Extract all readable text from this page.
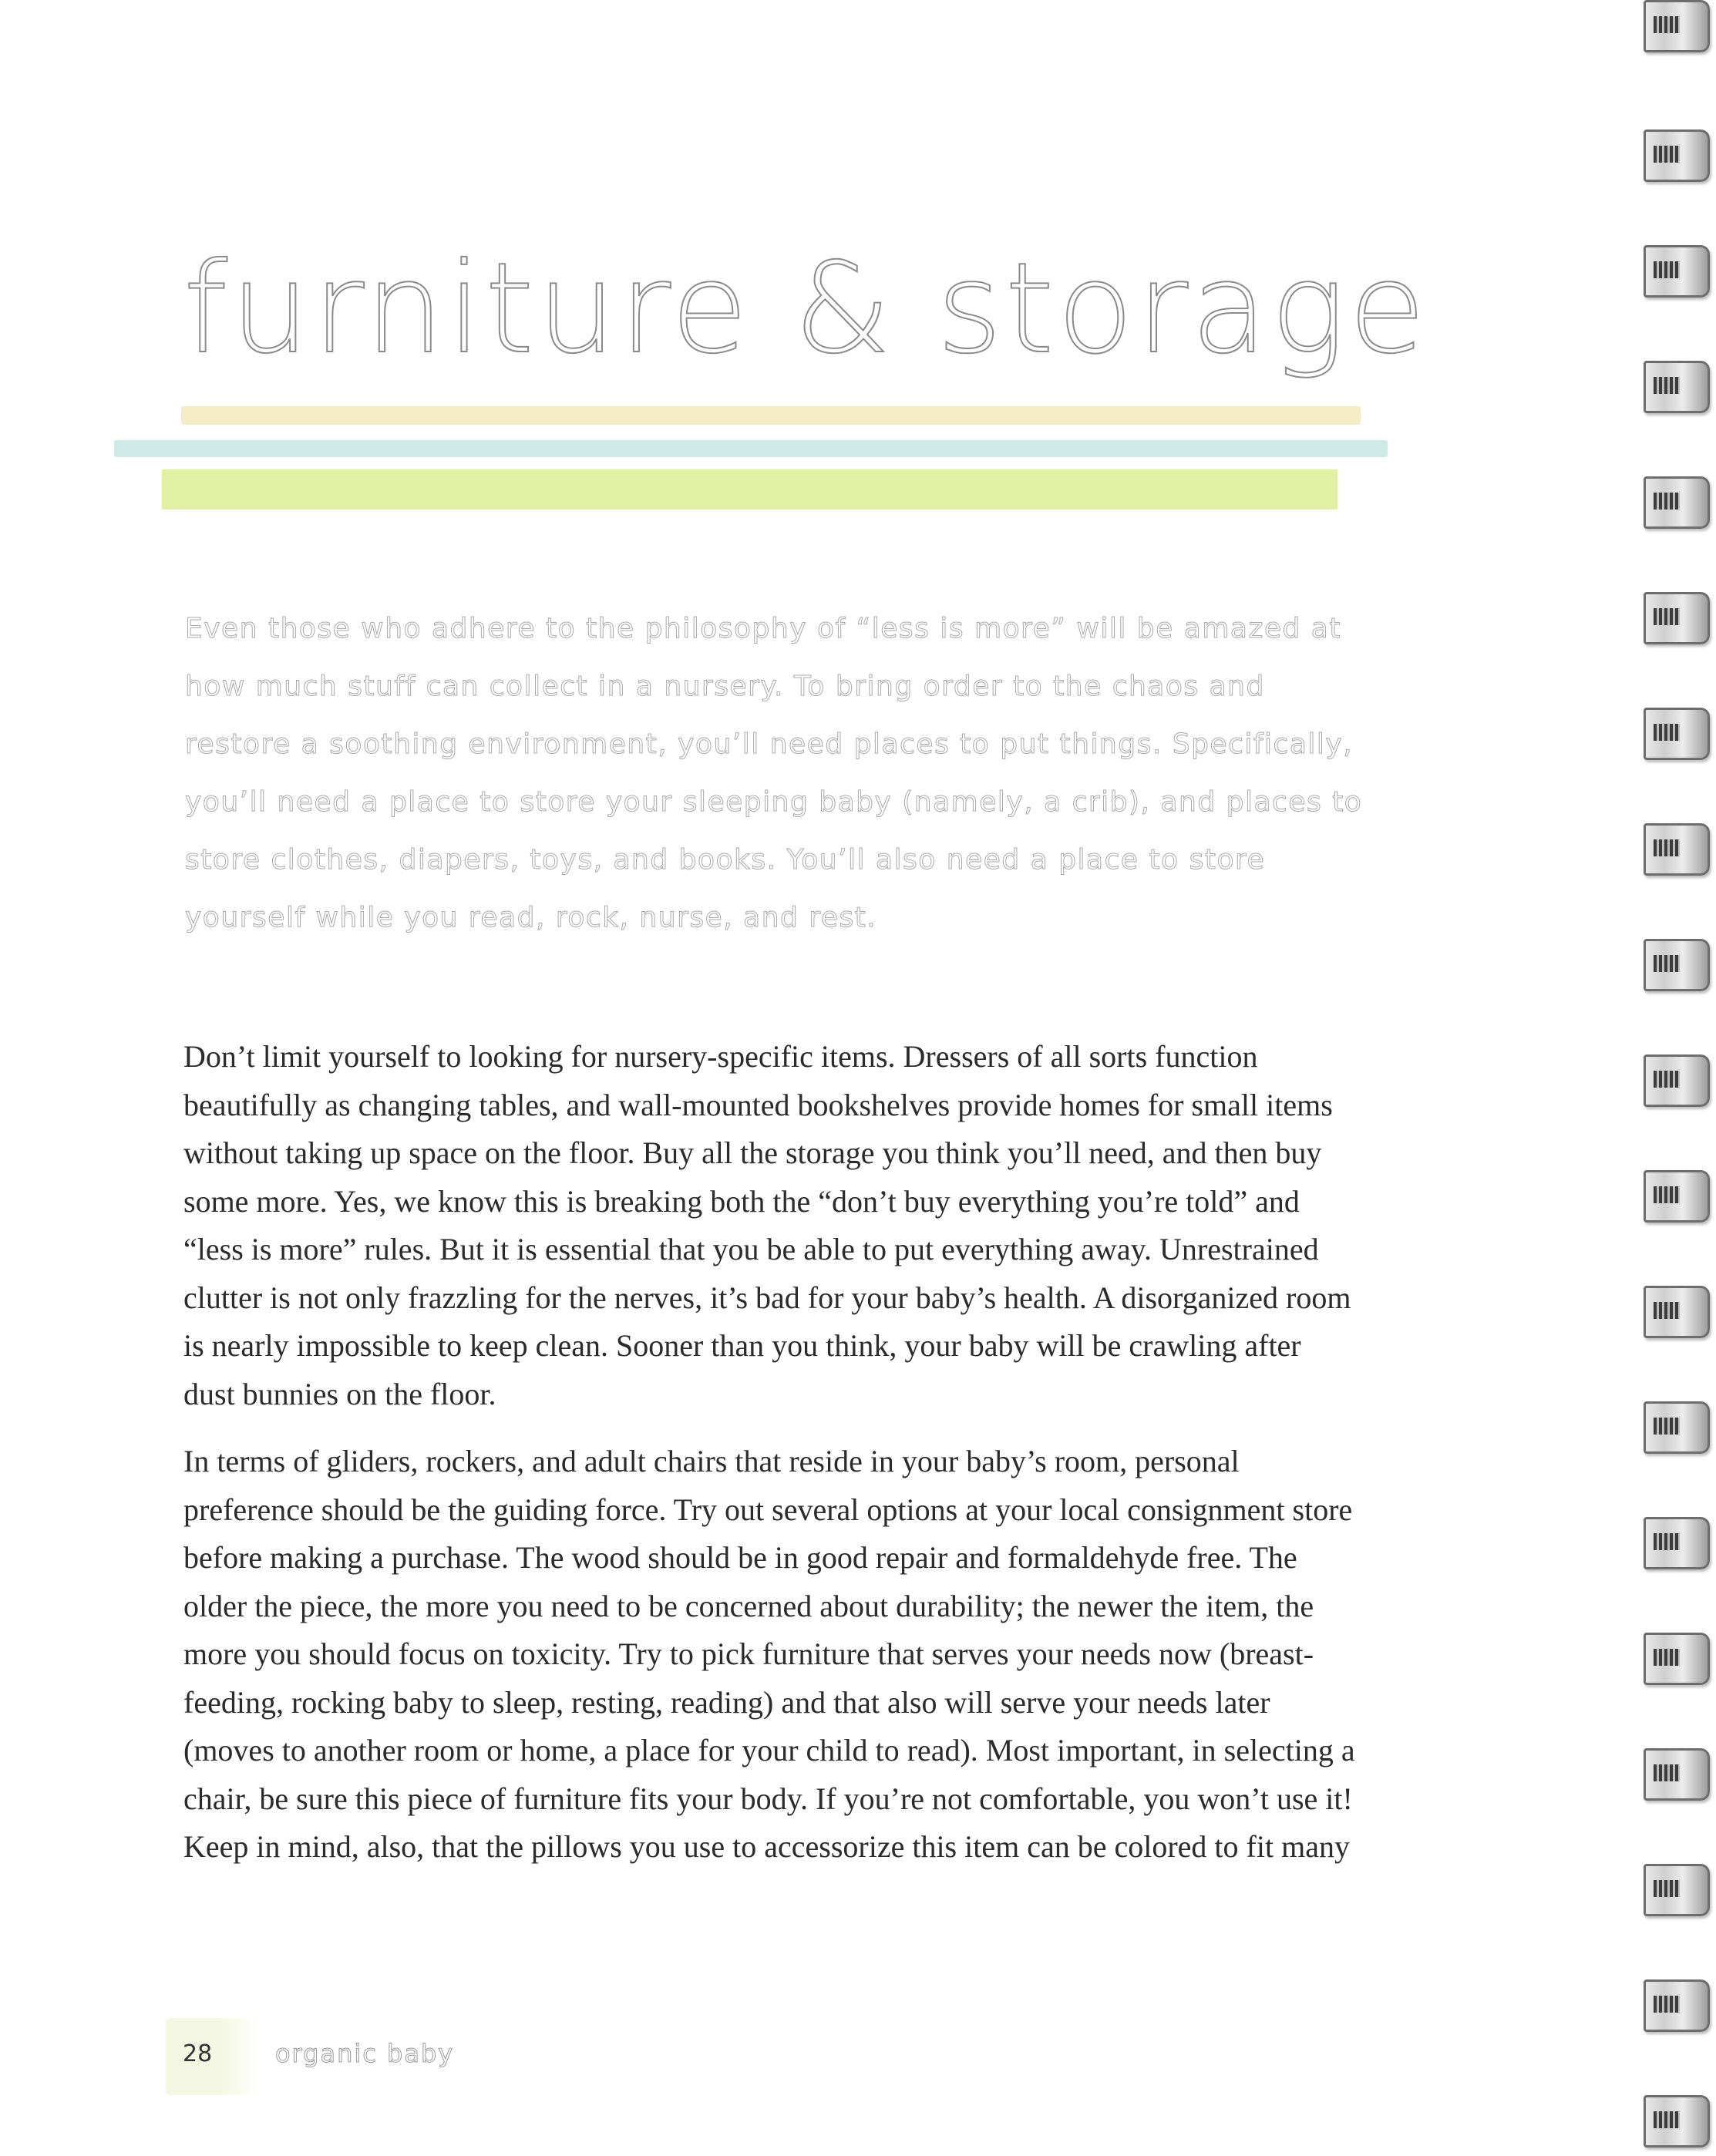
furniture & storage

Even those who adhere to the philosophy of “less is more” will be amazed at how much stuff can collect in a nursery. To bring order to the chaos and restore a soothing environment, you’ll need places to put things. Specifically, you’ll need a place to store your sleeping baby (namely, a crib), and places to store clothes, diapers, toys, and books. You’ll also need a place to store yourself while you read, rock, nurse, and rest.

Don’t limit yourself to looking for nursery-specific items. Dressers of all sorts function beautifully as changing tables, and wall-mounted bookshelves provide homes for small items without taking up space on the floor. Buy all the storage you think you’ll need, and then buy some more. Yes, we know this is breaking both the “don’t buy everything you’re told” and “less is more” rules. But it is essential that you be able to put everything away. Unrestrained clutter is not only frazzling for the nerves, it’s bad for your baby’s health. A disorganized room is nearly impossible to keep clean. Sooner than you think, your baby will be crawling after dust bunnies on the floor.

In terms of gliders, rockers, and adult chairs that reside in your baby’s room, personal preference should be the guiding force. Try out several options at your local consignment store before making a purchase. The wood should be in good repair and formaldehyde free. The older the piece, the more you need to be concerned about durability; the newer the item, the more you should focus on toxicity. Try to pick furniture that serves your needs now (breast-feeding, rocking baby to sleep, resting, reading) and that also will serve your needs later (moves to another room or home, a place for your child to read). Most important, in selecting a chair, be sure this piece of furniture fits your body. If you’re not comfortable, you won’t use it! Keep in mind, also, that the pillows you use to accessorize this item can be colored to fit many

28	organic baby
